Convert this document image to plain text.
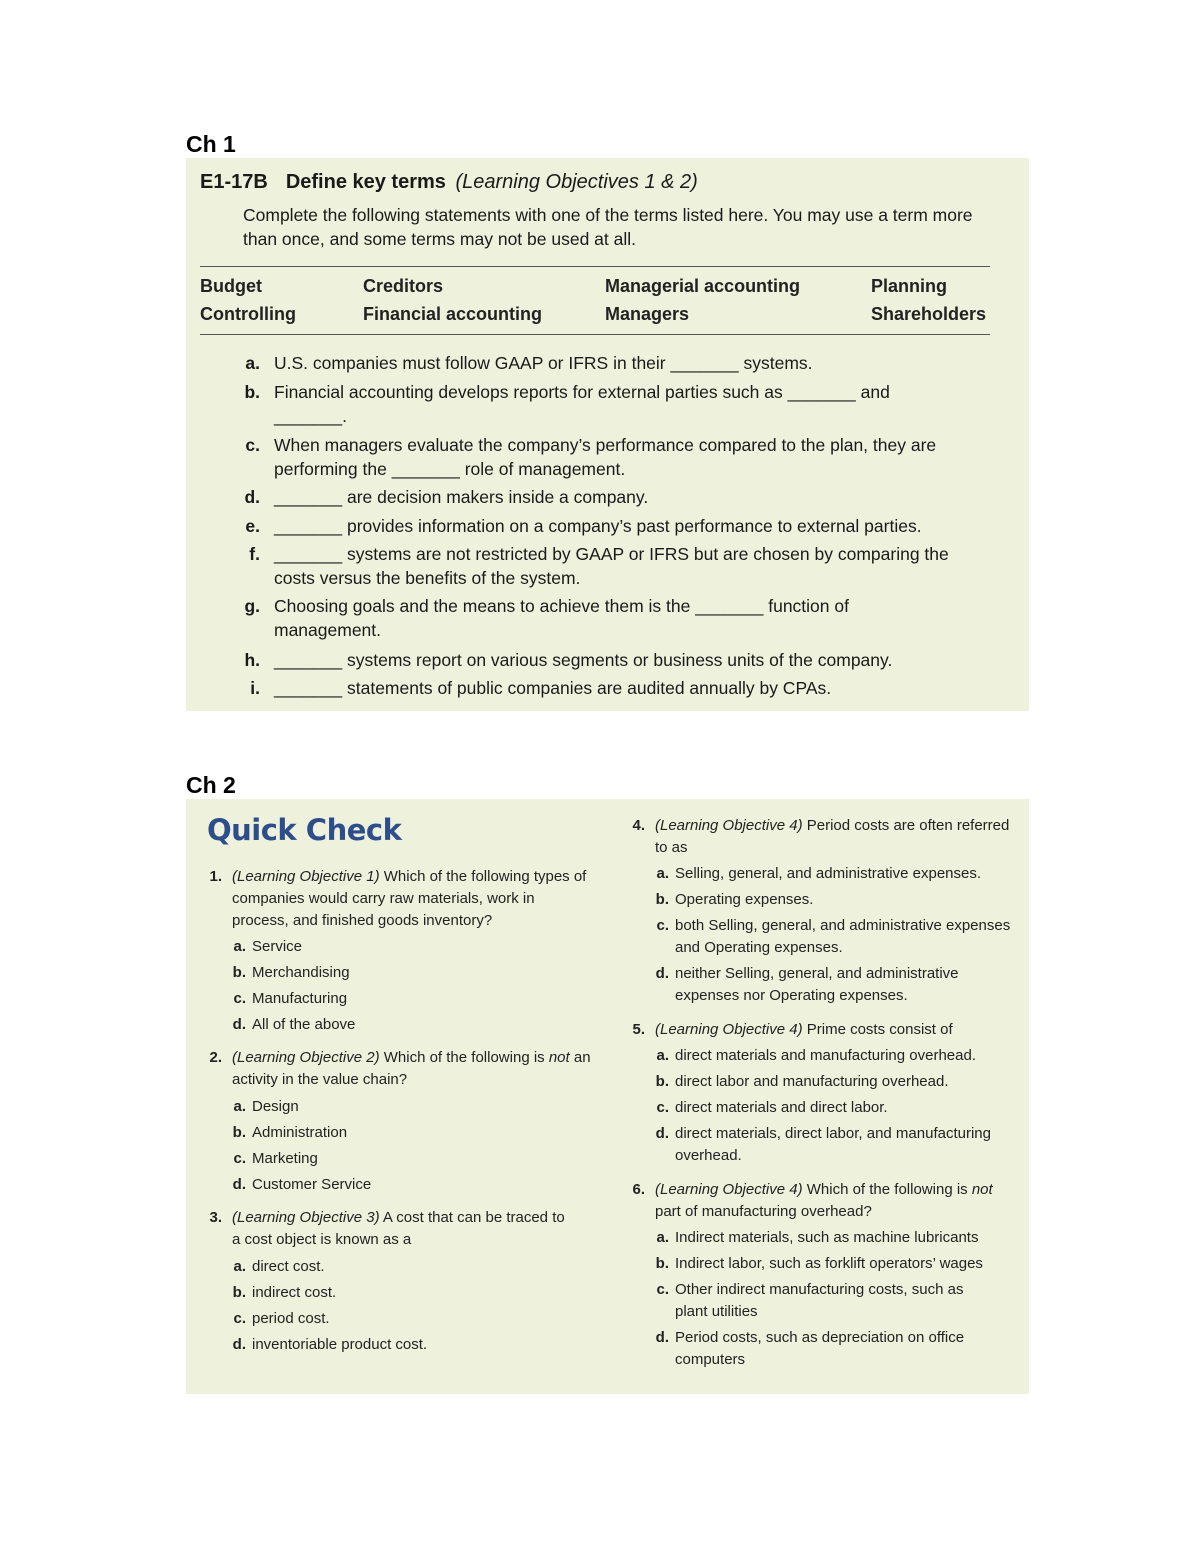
Ch 1
E1-17B Define key terms (Learning Objectives 1 & 2)
Complete the following statements with one of the terms listed here. You may use a term more than once, and some terms may not be used at all.
Budget
Controlling
Creditors
Financial accounting
Managerial accounting
Managers
Planning
Shareholders
a. U.S. companies must follow GAAP or IFRS in their _______ systems.
b. Financial accounting develops reports for external parties such as _______ and _______.
c. When managers evaluate the company’s performance compared to the plan, they are performing the _______ role of management.
d. _______ are decision makers inside a company.
e. _______ provides information on a company’s past performance to external parties.
f. _______ systems are not restricted by GAAP or IFRS but are chosen by comparing the costs versus the benefits of the system.
g. Choosing goals and the means to achieve them is the _______ function of management.
h. _______ systems report on various segments or business units of the company.
i. _______ statements of public companies are audited annually by CPAs.
Ch 2
Quick Check
1. (Learning Objective 1) Which of the following types of companies would carry raw materials, work in process, and finished goods inventory?
a. Service
b. Merchandising
c. Manufacturing
d. All of the above
2. (Learning Objective 2) Which of the following is not an activity in the value chain?
a. Design
b. Administration
c. Marketing
d. Customer Service
3. (Learning Objective 3) A cost that can be traced to a cost object is known as a
a. direct cost.
b. indirect cost.
c. period cost.
d. inventoriable product cost.
4. (Learning Objective 4) Period costs are often referred to as
a. Selling, general, and administrative expenses.
b. Operating expenses.
c. both Selling, general, and administrative expenses and Operating expenses.
d. neither Selling, general, and administrative expenses nor Operating expenses.
5. (Learning Objective 4) Prime costs consist of
a. direct materials and manufacturing overhead.
b. direct labor and manufacturing overhead.
c. direct materials and direct labor.
d. direct materials, direct labor, and manufacturing overhead.
6. (Learning Objective 4) Which of the following is not part of manufacturing overhead?
a. Indirect materials, such as machine lubricants
b. Indirect labor, such as forklift operators’ wages
c. Other indirect manufacturing costs, such as plant utilities
d. Period costs, such as depreciation on office computers
